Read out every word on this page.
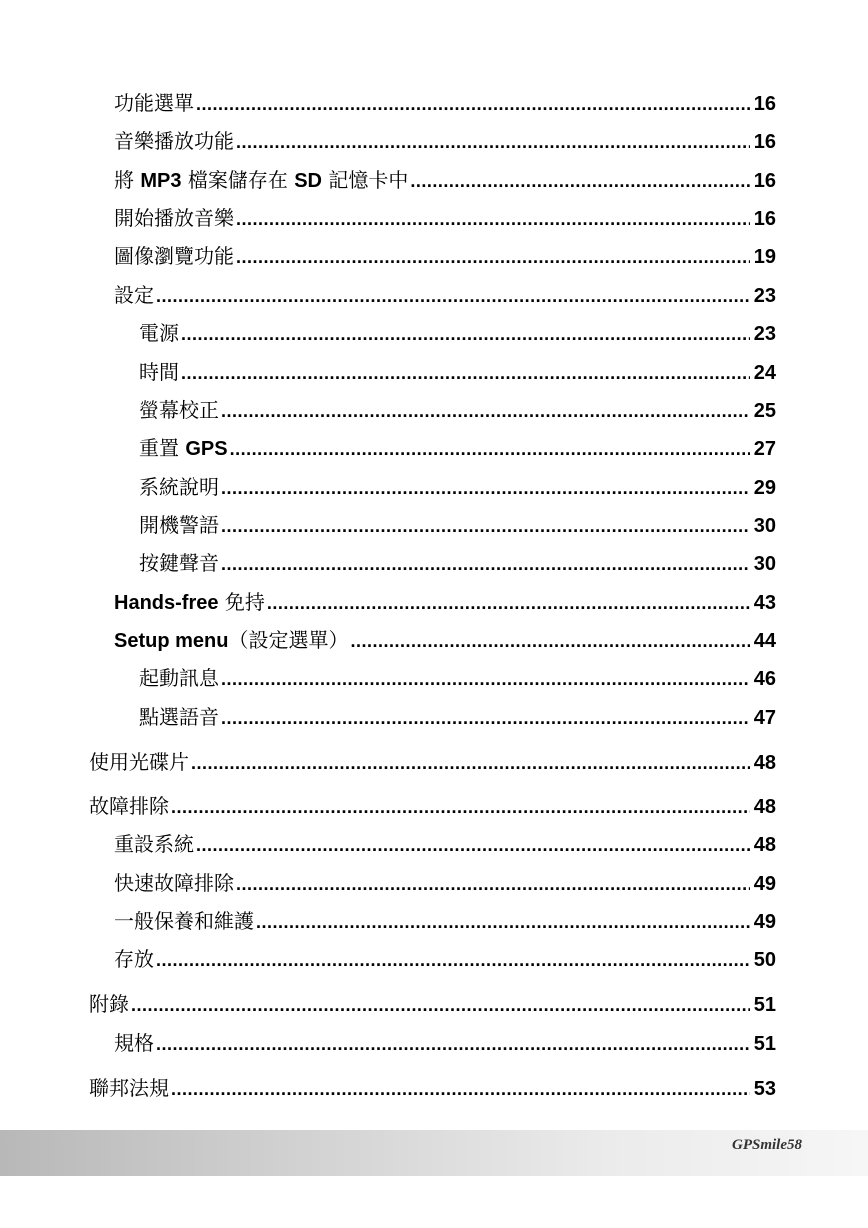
功能選單 .....	16
音樂播放功能 .....	16
將 MP3 檔案儲存在 SD 記憶卡中 .....	16
開始播放音樂 .....	16
圖像瀏覽功能 .....	19
設定 .....	23
電源 .....	23
時間 .....	24
螢幕校正 .....	25
重置 GPS .....	27
系統說明 .....	29
開機警語 .....	30
按鍵聲音 .....	30
Hands-free 免持 .....	43
Setup menu（設定選單） .....	44
起動訊息 .....	46
點選語音 .....	47
使用光碟片 .....	48
故障排除 .....	48
重設系統 .....	48
快速故障排除 .....	49
一般保養和維護 .....	49
存放 .....	50
附錄 .....	51
規格 .....	51
聯邦法規 .....	53
GPSmile58
